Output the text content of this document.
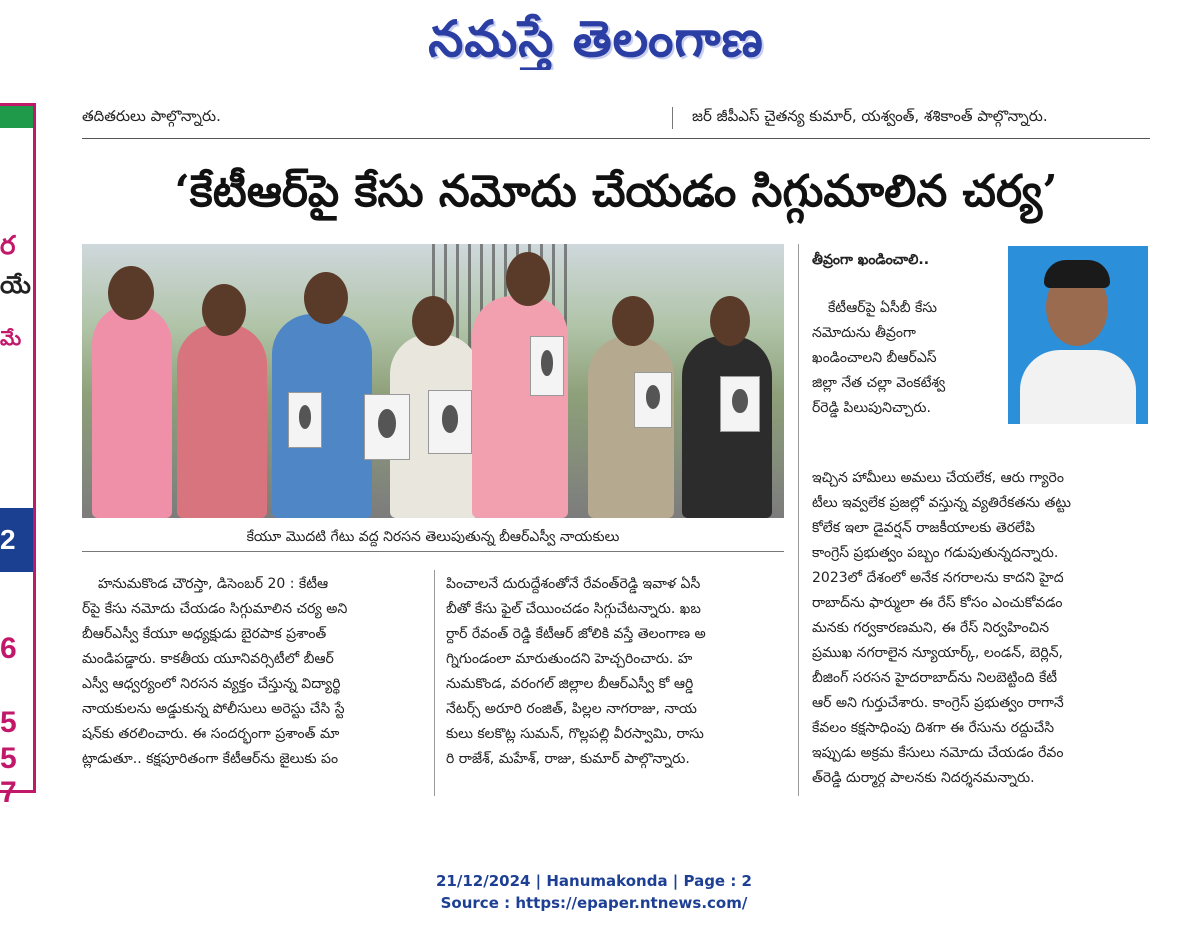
నమస్తే తెలంగాణ
ర
యే
మే
2
6
5
5
7
తదితరులు పాల్గొన్నారు.	జర్ జీపీఎస్ చైతన్య కుమార్, యశ్వంత్, శశికాంత్ పాల్గొన్నారు.
‘కేటీఆర్‌పై కేసు నమోదు చేయడం సిగ్గుమాలిన చర్య’
కేయూ మొదటి గేటు వద్ద నిరసన తెలుపుతున్న బీఆర్‌ఎస్వీ నాయకులు

హనుమకొండ చౌరస్తా, డిసెంబర్ 20 : కేటీఆ

ర్‌పై కేసు నమోదు చేయడం సిగ్గుమాలిన చర్య అని

బీఆర్‌ఎస్వీ కేయూ అధ్యక్షుడు బైరపాక ప్రశాంత్

మండిపడ్డారు. కాకతీయ యూనివర్సిటీలో బీఆర్

ఎస్వీ ఆధ్వర్యంలో నిరసన వ్యక్తం చేస్తున్న విద్యార్థి

నాయకులను అడ్డుకున్న పోలీసులు అరెస్టు చేసి స్టే

షన్‌కు తరలించారు. ఈ సందర్భంగా ప్రశాంత్ మా

ట్లాడుతూ.. కక్షపూరితంగా కేటీఆర్‌ను జైలుకు పం

పించాలనే దురుద్దేశంతోనే రేవంత్‌రెడ్డి ఇవాళ ఏసీ

బీతో కేసు ఫైల్ చేయించడం సిగ్గుచేటన్నారు. ఖబ

ర్దార్ రేవంత్ రెడ్డి కేటీఆర్ జోలికి వస్తే తెలంగాణ అ

గ్నిగుండంలా మారుతుందని హెచ్చరించారు. హ

నుమకొండ, వరంగల్ జిల్లాల బీఆర్‌ఎస్వీ కో ఆర్డి

నేటర్స్ అరూరి రంజిత్, పిల్లల నాగరాజు, నాయ

కులు కలకొట్ల సుమన్, గొల్లపల్లి వీరస్వామి, రాసు

రి రాజేశ్, మహేశ్, రాజు, కుమార్ పాల్గొన్నారు.

తీవ్రంగా ఖండించాలి..

కేటీఆర్‌పై ఏసీబీ కేసు

నమోదును తీవ్రంగా

ఖండించాలని బీఆర్‌ఎస్

జిల్లా నేత చల్లా వెంకటేశ్వ

ర్‌రెడ్డి పిలుపునిచ్చారు.

ఇచ్చిన హామీలు అమలు చేయలేక, ఆరు గ్యారెం

టీలు ఇవ్వలేక ప్రజల్లో వస్తున్న వ్యతిరేకతను తట్టు

కోలేక ఇలా డైవర్షన్ రాజకీయాలకు తెరలేపి

కాంగ్రెస్ ప్రభుత్వం పబ్బం గడుపుతున్నదన్నారు.

2023లో దేశంలో అనేక నగరాలను కాదని హైద

రాబాద్‌ను ఫార్ములా ఈ రేస్ కోసం ఎంచుకోవడం

మనకు గర్వకారణమని, ఈ రేస్ నిర్వహించిన

ప్రముఖ నగరాలైన న్యూయార్క్, లండన్, బెర్లిన్,

బీజింగ్ సరసన హైదరాబాద్‌ను నిలబెట్టింది కేటీ

ఆర్ అని గుర్తుచేశారు. కాంగ్రెస్ ప్రభుత్వం రాగానే

కేవలం కక్షసాధింపు దిశగా ఈ రేసును రద్దుచేసి

ఇప్పుడు అక్రమ కేసులు నమోదు చేయడం రేవం

త్‌రెడ్డి దుర్మార్గ పాలనకు నిదర్శనమన్నారు.

21/12/2024 | Hanumakonda | Page : 2
Source : https://epaper.ntnews.com/
